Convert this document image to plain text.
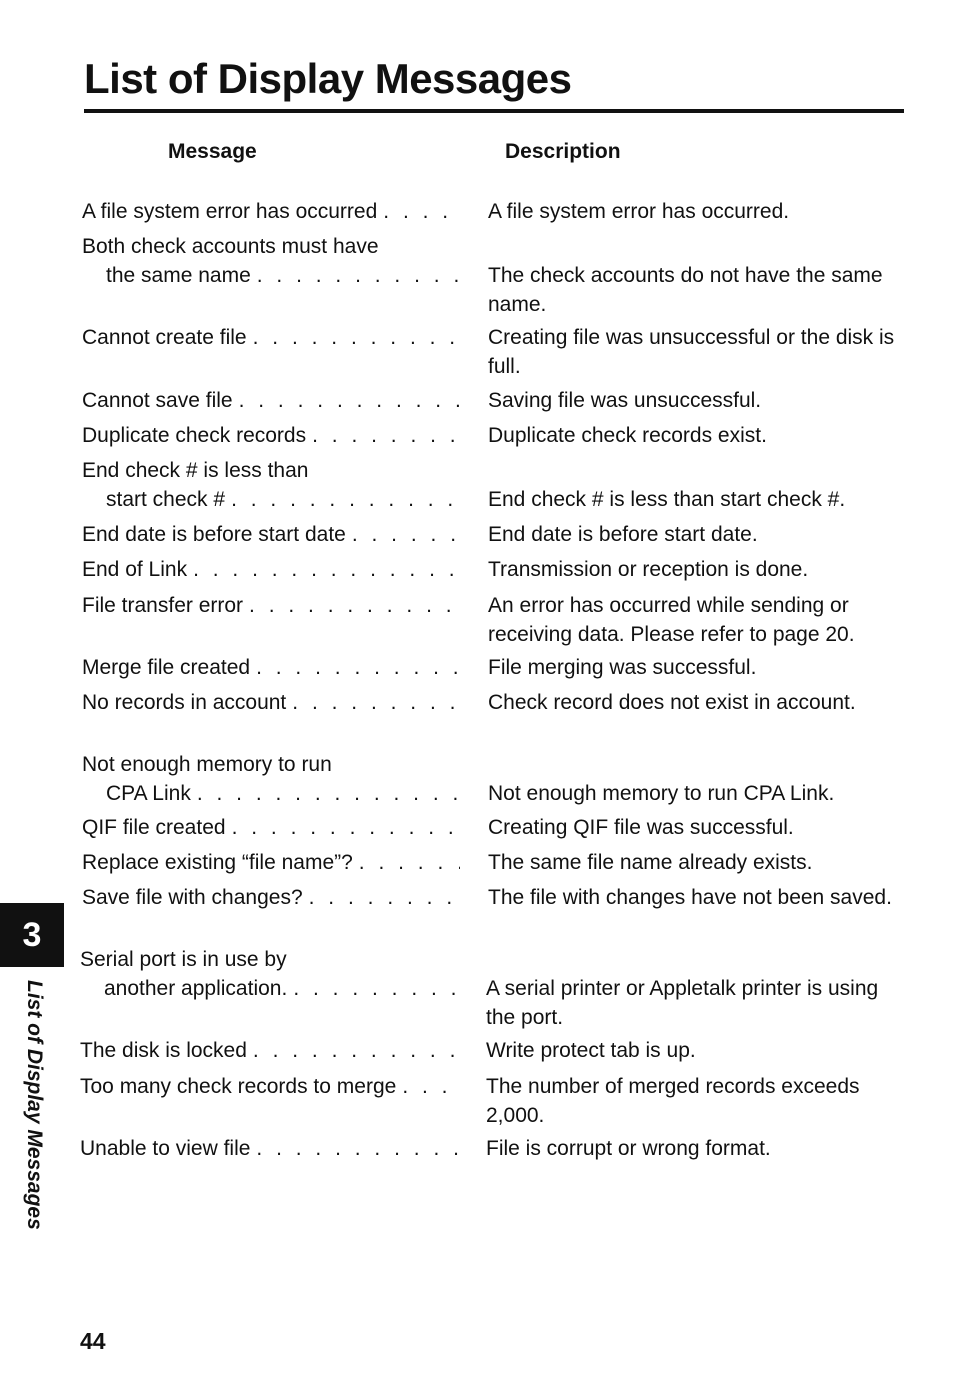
List of Display Messages
Message	Description
A file system error has occurred . . .	A file system error has occurred.
Both check accounts must have
the same name . . .	The check accounts do not have the same name.
Cannot create file . . .	Creating file was unsuccessful or the disk is full.
Cannot save file . . .	Saving file was unsuccessful.
Duplicate check records . . .	Duplicate check records exist.
End check # is less than
start check # . . .	End check # is less than start check #.
End date is before start date . . .	End date is before start date.
End of Link . . .	Transmission or reception is done.
File transfer error . . .	An error has occurred while sending or receiving data. Please refer to page 20.
Merge file created . . .	File merging was successful.
No records in account . . .	Check record does not exist in account.
Not enough memory to run
CPA Link . . .	Not enough memory to run CPA Link.
QIF file created . . .	Creating QIF file was successful.
Replace existing “file name”? . . .	The same file name already exists.
Save file with changes? . . .	The file with changes have not been saved.
Serial port is in use by
another application. . . .	A serial printer or Appletalk printer is using the port.
The disk is locked . . .	Write protect tab is up.
Too many check records to merge . . .	The number of merged records exceeds 2,000.
Unable to view file . . .	File is corrupt or wrong format.
3
List of Display Messages
44
